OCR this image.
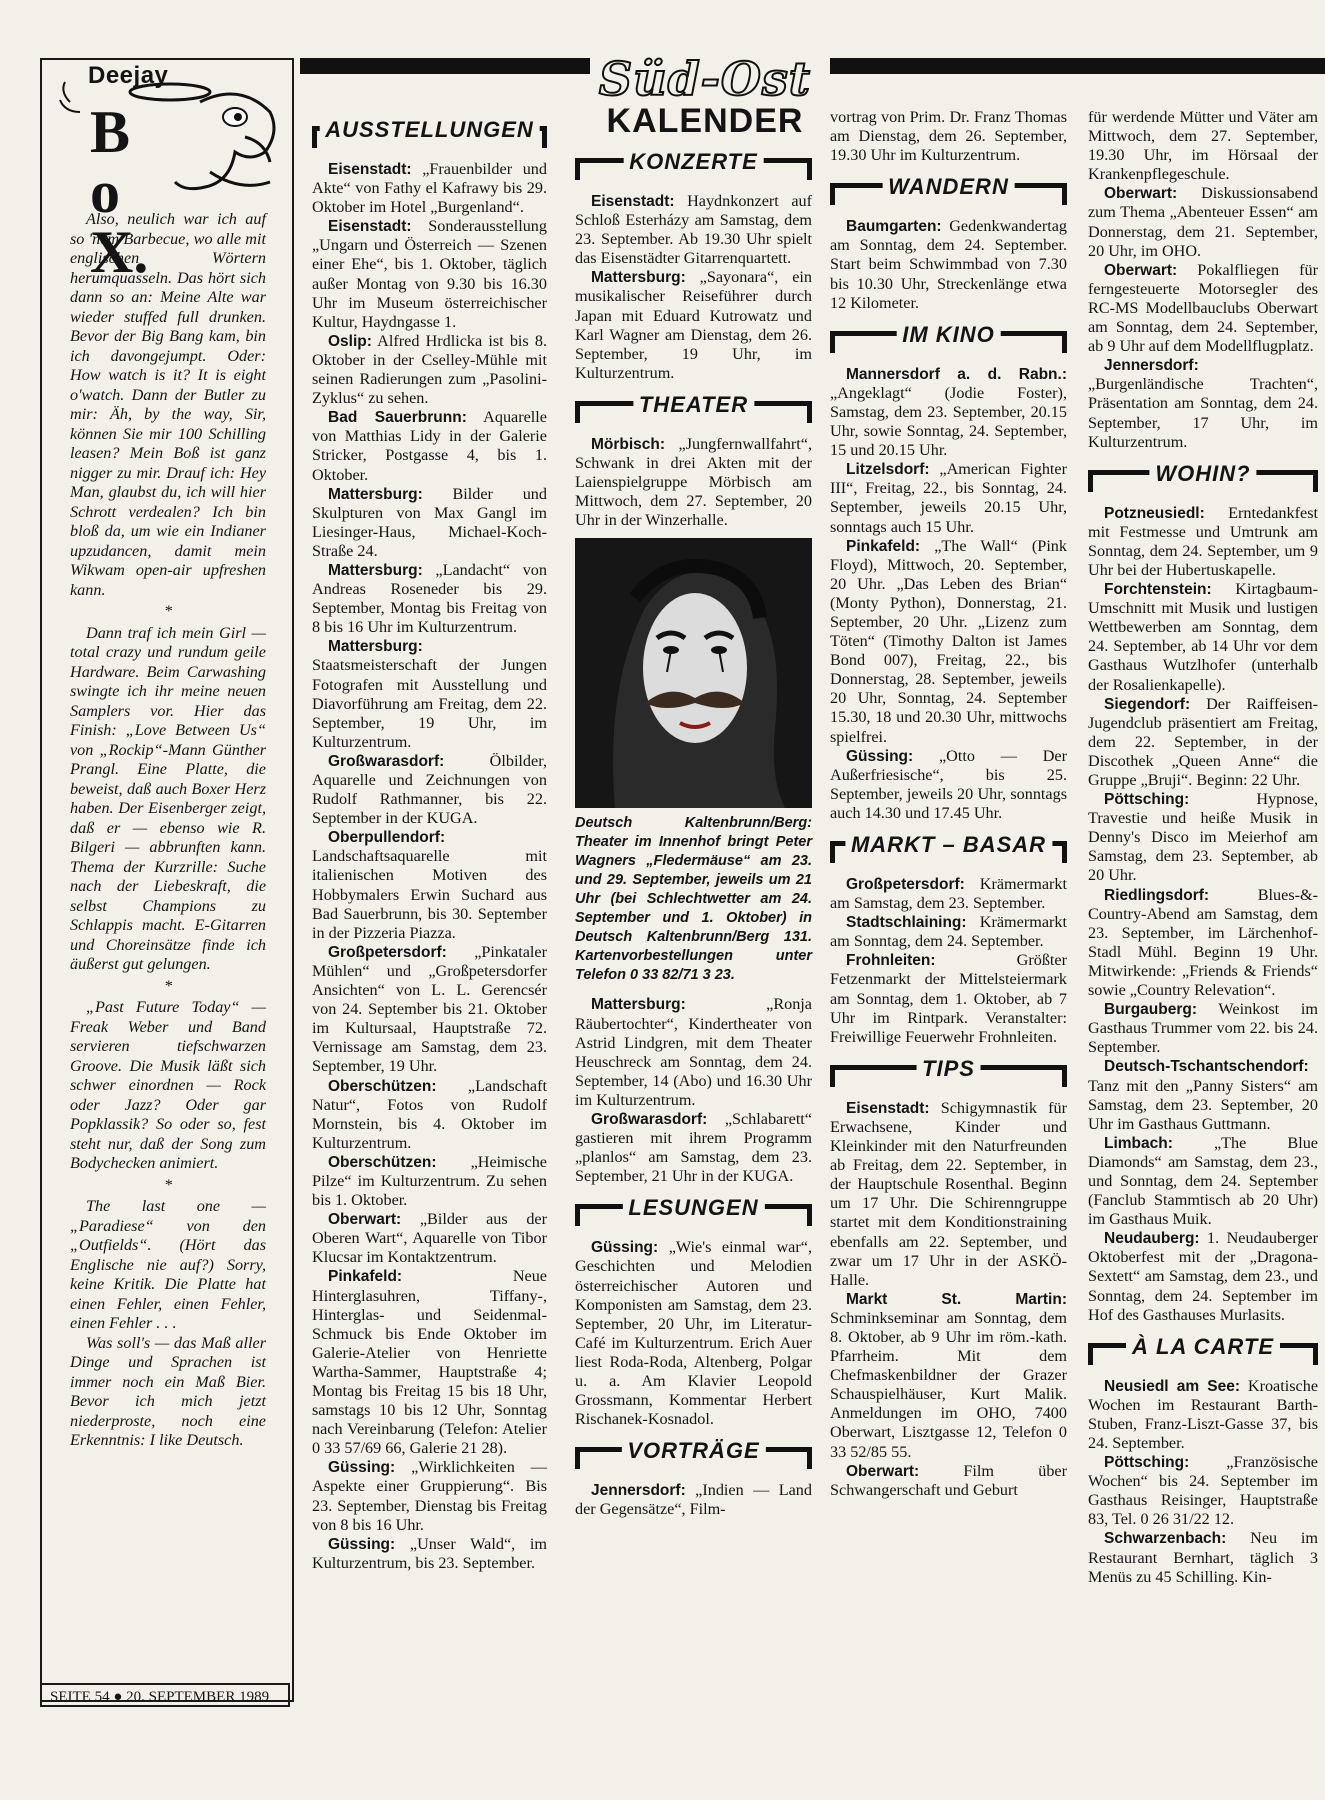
Süd-Ost
KALENDER
Deejay
BoX.

Also, neulich war ich auf so 'nem Barbecue, wo alle mit englischen Wörtern herumquasseln. Das hört sich dann so an: Meine Alte war wieder stuffed full drunken. Bevor der Big Bang kam, bin ich davongejumpt. Oder: How watch is it? It is eight o'watch. Dann der Butler zu mir: Äh, by the way, Sir, können Sie mir 100 Schilling leasen? Mein Boß ist ganz nigger zu mir. Drauf ich: Hey Man, glaubst du, ich will hier Schrott verdealen? Ich bin bloß da, um wie ein Indianer upzudancen, damit mein Wikwam open-air upfreshen kann.

*

Dann traf ich mein Girl — total crazy und rundum geile Hardware. Beim Carwashing swingte ich ihr meine neuen Samplers vor. Hier das Finish: „Love Between Us“ von „Rockip“-Mann Günther Prangl. Eine Platte, die beweist, daß auch Boxer Herz haben. Der Eisenberger zeigt, daß er — ebenso wie R. Bilgeri — abbrunften kann. Thema der Kurzrille: Suche nach der Liebeskraft, die selbst Champions zu Schlappis macht. E-Gitarren und Choreinsätze finde ich äußerst gut gelungen.

*

„Past Future Today“ — Freak Weber und Band servieren tiefschwarzen Groove. Die Musik läßt sich schwer einordnen — Rock oder Jazz? Oder gar Popklassik? So oder so, fest steht nur, daß der Song zum Bodychecken animiert.

*

The last one — „Paradiese“ von den „Outfields“. (Hört das Englische nie auf?) Sorry, keine Kritik. Die Platte hat einen Fehler, einen Fehler, einen Fehler . . .

Was soll's — das Maß aller Dinge und Sprachen ist immer noch ein Maß Bier. Bevor ich mich jetzt niederproste, noch eine Erkenntnis: I like Deutsch.

SEITE 54 ● 20. SEPTEMBER 1989
AUSSTELLUNGEN

Eisenstadt: „Frauenbilder und Akte“ von Fathy el Kafrawy bis 29. Oktober im Hotel „Burgenland“.

Eisenstadt: Sonderausstellung „Ungarn und Österreich — Szenen einer Ehe“, bis 1. Oktober, täglich außer Montag von 9.30 bis 16.30 Uhr im Museum österreichischer Kultur, Haydngasse 1.

Oslip: Alfred Hrdlicka ist bis 8. Oktober in der Cselley-Mühle mit seinen Radierungen zum „Pasolini-Zyklus“ zu sehen.

Bad Sauerbrunn: Aquarelle von Matthias Lidy in der Galerie Stricker, Postgasse 4, bis 1. Oktober.

Mattersburg: Bilder und Skulpturen von Max Gangl im Liesinger-Haus, Michael-Koch-Straße 24.

Mattersburg: „Landacht“ von Andreas Roseneder bis 29. September, Montag bis Freitag von 8 bis 16 Uhr im Kulturzentrum.

Mattersburg: Staatsmeisterschaft der Jungen Fotografen mit Ausstellung und Diavorführung am Freitag, dem 22. September, 19 Uhr, im Kulturzentrum.

Großwarasdorf: Ölbilder, Aquarelle und Zeichnungen von Rudolf Rathmanner, bis 22. September in der KUGA.

Oberpullendorf: Landschaftsaquarelle mit italienischen Motiven des Hobbymalers Erwin Suchard aus Bad Sauerbrunn, bis 30. September in der Pizzeria Piazza.

Großpetersdorf: „Pinkataler Mühlen“ und „Großpetersdorfer Ansichten“ von L. L. Gerencsér von 24. September bis 21. Oktober im Kultursaal, Hauptstraße 72. Vernissage am Samstag, dem 23. September, 19 Uhr.

Oberschützen: „Landschaft Natur“, Fotos von Rudolf Mornstein, bis 4. Oktober im Kulturzentrum.

Oberschützen: „Heimische Pilze“ im Kulturzentrum. Zu sehen bis 1. Oktober.

Oberwart: „Bilder aus der Oberen Wart“, Aquarelle von Tibor Klucsar im Kontaktzentrum.

Pinkafeld: Neue Hinterglasuhren, Tiffany-, Hinterglas- und Seidenmal-Schmuck bis Ende Oktober im Galerie-Atelier von Henriette Wartha-Sammer, Hauptstraße 4; Montag bis Freitag 15 bis 18 Uhr, samstags 10 bis 12 Uhr, Sonntag nach Vereinbarung (Telefon: Atelier 0 33 57/69 66, Galerie 21 28).

Güssing: „Wirklichkeiten — Aspekte einer Gruppierung“. Bis 23. September, Dienstag bis Freitag von 8 bis 16 Uhr.

Güssing: „Unser Wald“, im Kulturzentrum, bis 23. September.

KONZERTE

Eisenstadt: Haydnkonzert auf Schloß Esterházy am Samstag, dem 23. September. Ab 19.30 Uhr spielt das Eisenstädter Gitarrenquartett.

Mattersburg: „Sayonara“, ein musikalischer Reiseführer durch Japan mit Eduard Kutrowatz und Karl Wagner am Dienstag, dem 26. September, 19 Uhr, im Kulturzentrum.

THEATER

Mörbisch: „Jungfernwallfahrt“, Schwank in drei Akten mit der Laienspielgruppe Mörbisch am Mittwoch, dem 27. September, 20 Uhr in der Winzerhalle.

Deutsch Kaltenbrunn/Berg: Theater im Innenhof bringt Peter Wagners „Fledermäuse“ am 23. und 29. September, jeweils um 21 Uhr (bei Schlechtwetter am 24. September und 1. Oktober) in Deutsch Kaltenbrunn/Berg 131. Kartenvorbestellungen unter Telefon 0 33 82/71 3 23.

Mattersburg: „Ronja Räubertochter“, Kindertheater von Astrid Lindgren, mit dem Theater Heuschreck am Sonntag, dem 24. September, 14 (Abo) und 16.30 Uhr im Kulturzentrum.

Großwarasdorf: „Schlabarett“ gastieren mit ihrem Programm „planlos“ am Samstag, dem 23. September, 21 Uhr in der KUGA.

LESUNGEN

Güssing: „Wie's einmal war“, Geschichten und Melodien österreichischer Autoren und Komponisten am Samstag, dem 23. September, 20 Uhr, im Literatur-Café im Kulturzentrum. Erich Auer liest Roda-Roda, Altenberg, Polgar u. a. Am Klavier Leopold Grossmann, Kommentar Herbert Rischanek-Kosnadol.

VORTRÄGE

Jennersdorf: „Indien — Land der Gegensätze“, Film-

vortrag von Prim. Dr. Franz Thomas am Dienstag, dem 26. September, 19.30 Uhr im Kulturzentrum.

WANDERN

Baumgarten: Gedenkwandertag am Sonntag, dem 24. September. Start beim Schwimmbad von 7.30 bis 10.30 Uhr, Streckenlänge etwa 12 Kilometer.

IM KINO

Mannersdorf a. d. Rabn.: „Angeklagt“ (Jodie Foster), Samstag, dem 23. September, 20.15 Uhr, sowie Sonntag, 24. September, 15 und 20.15 Uhr.

Litzelsdorf: „American Fighter III“, Freitag, 22., bis Sonntag, 24. September, jeweils 20.15 Uhr, sonntags auch 15 Uhr.

Pinkafeld: „The Wall“ (Pink Floyd), Mittwoch, 20. September, 20 Uhr. „Das Leben des Brian“ (Monty Python), Donnerstag, 21. September, 20 Uhr. „Lizenz zum Töten“ (Timothy Dalton ist James Bond 007), Freitag, 22., bis Donnerstag, 28. September, jeweils 20 Uhr, Sonntag, 24. September 15.30, 18 und 20.30 Uhr, mittwochs spielfrei.

Güssing: „Otto — Der Außerfriesische“, bis 25. September, jeweils 20 Uhr, sonntags auch 14.30 und 17.45 Uhr.

MARKT – BASAR

Großpetersdorf: Krämermarkt am Samstag, dem 23. September.

Stadtschlaining: Krämermarkt am Sonntag, dem 24. September.

Frohnleiten: Größter Fetzenmarkt der Mittelsteiermark am Sonntag, dem 1. Oktober, ab 7 Uhr im Rintpark. Veranstalter: Freiwillige Feuerwehr Frohnleiten.

TIPS

Eisenstadt: Schigymnastik für Erwachsene, Kinder und Kleinkinder mit den Naturfreunden ab Freitag, dem 22. September, in der Hauptschule Rosenthal. Beginn um 17 Uhr. Die Schirenngruppe startet mit dem Konditionstraining ebenfalls am 22. September, und zwar um 17 Uhr in der ASKÖ-Halle.

Markt St. Martin: Schminkseminar am Sonntag, dem 8. Oktober, ab 9 Uhr im röm.-kath. Pfarrheim. Mit dem Chefmaskenbildner der Grazer Schauspielhäuser, Kurt Malik. Anmeldungen im OHO, 7400 Oberwart, Lisztgasse 12, Telefon 0 33 52/85 55.

Oberwart: Film über Schwangerschaft und Geburt

für werdende Mütter und Väter am Mittwoch, dem 27. September, 19.30 Uhr, im Hörsaal der Krankenpflegeschule.

Oberwart: Diskussionsabend zum Thema „Abenteuer Essen“ am Donnerstag, dem 21. September, 20 Uhr, im OHO.

Oberwart: Pokalfliegen für ferngesteuerte Motorsegler des RC-MS Modellbauclubs Oberwart am Sonntag, dem 24. September, ab 9 Uhr auf dem Modellflugplatz.

Jennersdorf: „Burgenländische Trachten“, Präsentation am Sonntag, dem 24. September, 17 Uhr, im Kulturzentrum.

WOHIN?

Potzneusiedl: Erntedankfest mit Festmesse und Umtrunk am Sonntag, dem 24. September, um 9 Uhr bei der Hubertuskapelle.

Forchtenstein: Kirtagbaum-Umschnitt mit Musik und lustigen Wettbewerben am Sonntag, dem 24. September, ab 14 Uhr vor dem Gasthaus Wutzlhofer (unterhalb der Rosalienkapelle).

Siegendorf: Der Raiffeisen-Jugendclub präsentiert am Freitag, dem 22. September, in der Discothek „Queen Anne“ die Gruppe „Bruji“. Beginn: 22 Uhr.

Pöttsching: Hypnose, Travestie und heiße Musik in Denny's Disco im Meierhof am Samstag, dem 23. September, ab 20 Uhr.

Riedlingsdorf: Blues-&-Country-Abend am Samstag, dem 23. September, im Lärchenhof-Stadl Mühl. Beginn 19 Uhr. Mitwirkende: „Friends & Friends“ sowie „Country Relevation“.

Burgauberg: Weinkost im Gasthaus Trummer vom 22. bis 24. September.

Deutsch-Tschantschendorf: Tanz mit den „Panny Sisters“ am Samstag, dem 23. September, 20 Uhr im Gasthaus Guttmann.

Limbach: „The Blue Diamonds“ am Samstag, dem 23., und Sonntag, dem 24. September (Fanclub Stammtisch ab 20 Uhr) im Gasthaus Muik.

Neudauberg: 1. Neudauberger Oktoberfest mit der „Dragona-Sextett“ am Samstag, dem 23., und Sonntag, dem 24. September im Hof des Gasthauses Murlasits.

À LA CARTE

Neusiedl am See: Kroatische Wochen im Restaurant Barth-Stuben, Franz-Liszt-Gasse 37, bis 24. September.

Pöttsching: „Französische Wochen“ bis 24. September im Gasthaus Reisinger, Hauptstraße 83, Tel. 0 26 31/22 12.

Schwarzenbach: Neu im Restaurant Bernhart, täglich 3 Menüs zu 45 Schilling. Kin-
